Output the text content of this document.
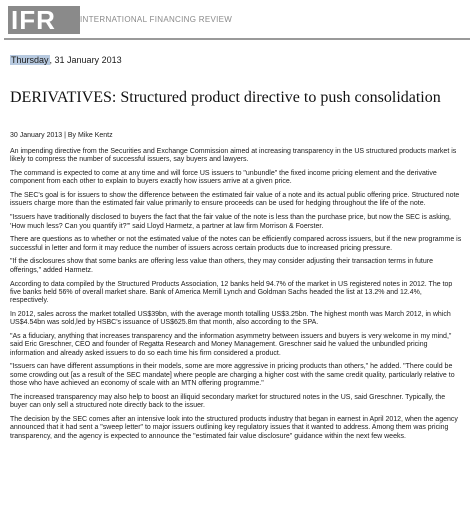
IFR	INTERNATIONAL FINANCING REVIEW
Thursday, 31 January 2013
DERIVATIVES: Structured product directive to push consolidation
30 January 2013 | By Mike Kentz

An impending directive from the Securities and Exchange Commission aimed at increasing transparency in the US structured products market is likely to compress the number of successful issuers, say buyers and lawyers.

The command is expected to come at any time and will force US issuers to "unbundle" the fixed income pricing element and the derivative component from each other to explain to buyers exactly how issuers arrive at a given price.

The SEC's goal is for issuers to show the difference between the estimated fair value of a note and its actual public offering price. Structured note issuers charge more than the estimated fair value primarily to ensure proceeds can be used for hedging throughout the life of the note.

"Issuers have traditionally disclosed to buyers the fact that the fair value of the note is less than the purchase price, but now the SEC is asking, 'How much less? Can you quantify it?'" said Lloyd Harmetz, a partner at law firm Morrison & Foerster.

There are questions as to whether or not the estimated value of the notes can be efficiently compared across issuers, but if the new programme is successful in letter and form it may reduce the number of issuers across certain products due to increased pricing pressure.

"If the disclosures show that some banks are offering less value than others, they may consider adjusting their transaction terms in future offerings," added Harmetz.

According to data compiled by the Structured Products Association, 12 banks held 94.7% of the market in US registered notes in 2012. The top five banks held 56% of overall market share. Bank of America Merrill Lynch and Goldman Sachs headed the list at 13.2% and 12.4%, respectively.

In 2012, sales across the market totalled US$39bn, with the average month totalling US$3.25bn. The highest month was March 2012, in which US$4.54bn was sold,led by HSBC's issuance of US$625.8m that month, also according to the SPA.

"As a fiduciary, anything that increases transparency and the information asymmetry between issuers and buyers is very welcome in my mind," said Eric Greschner, CEO and founder of Regatta Research and Money Management. Greschner said he valued the unbundled pricing information and already asked issuers to do so each time his firm considered a product.

"Issuers can have different assumptions in their models, some are more aggressive in pricing products than others," he added. "There could be some crowding out [as a result of the SEC mandate] where people are charging a higher cost with the same credit quality, particularly relative to those who have achieved an economy of scale with an MTN offering programme."

The increased transparency may also help to boost an illiquid secondary market for structured notes in the US, said Greschner. Typically, the buyer can only sell a structured note directly back to the issuer.

The decision by the SEC comes after an intensive look into the structured products industry that began in earnest in April 2012, when the agency announced that it had sent a "sweep letter" to major issuers outlining key regulatory issues that it wanted to address. Among them was pricing transparency, and the agency is expected to announce the "estimated fair value disclosure" guidance within the next few weeks.
